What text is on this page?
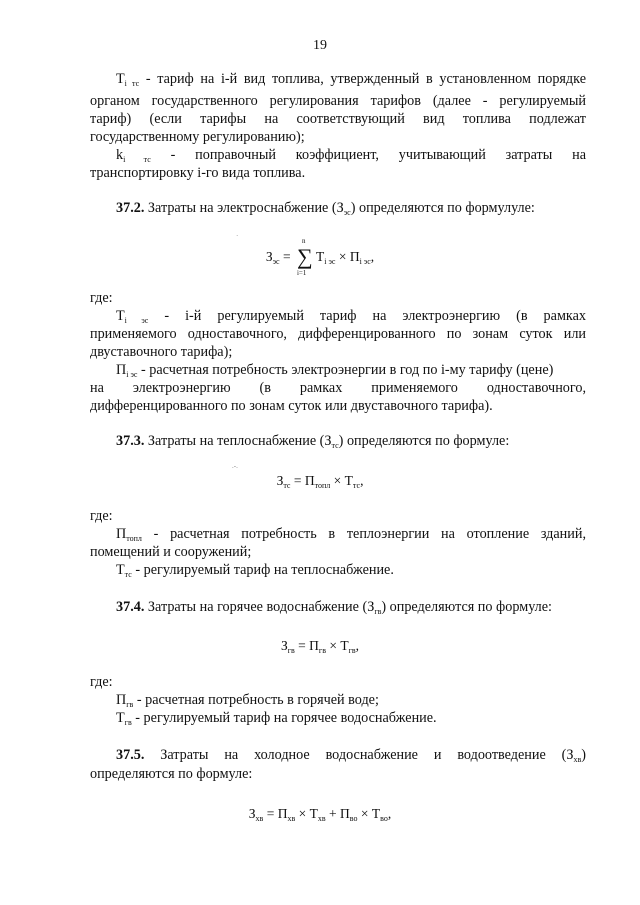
19
$T_{i тс}$ - тариф на i-й вид топлива, утвержденный в установленном порядке
органом государственного регулирования тарифов (далее - регулируемый
тариф) (если тарифы на соответствующий вид топлива подлежат
государственному регулированию);
$k_{i тс}$ - поправочный коэффициент, учитывающий затраты на
транспортировку i-го вида топлива.
37.2. Затраты на электроснабжение $(З_{эс})$ определяются по формулуле:
·
$З_{эс}$ =
n
∑
i=1
$T_{i эс} \times П_{i эс}$,
где:
$T_{i эс} - i-й$ регулируемый тариф на электроэнергию (в рамках
применяемого одноставочного, дифференцированного по зонам суток или
двуставочного тарифа);
$П_{i эс}$ - расчетная потребность электроэнергии в год по i-му тарифу (цене)
на электроэнергию (в рамках применяемого одноставочного,
дифференцированного по зонам суток или двуставочного тарифа).
37.3. Затраты на теплоснабжение $(З_{тс})$ определяются по формуле:
.-.
$З_{тс} = П_{топл} \times T_{тс}$,
где:
$П_{топл}$ - расчетная потребность в теплоэнергии на отопление зданий,
помещений и сооружений;
$T_{тс}$ - регулируемый тариф на теплоснабжение.
37.4. Затраты на горячее водоснабжение $(З_{гв})$ определяются по формуле:
$З_{гв} = П_{гв} \times T_{гв}$,
где:
$П_{гв}$ - расчетная потребность в горячей воде;
$T_{гв}$ - регулируемый тариф на горячее водоснабжение.
37.5. Затраты на холодное водоснабжение и водоотведение $(З_{хв})$
определяются по формуле:
$З_{хв} = П_{хв} \times T_{хв} + П_{во} \times T_{во}$,
